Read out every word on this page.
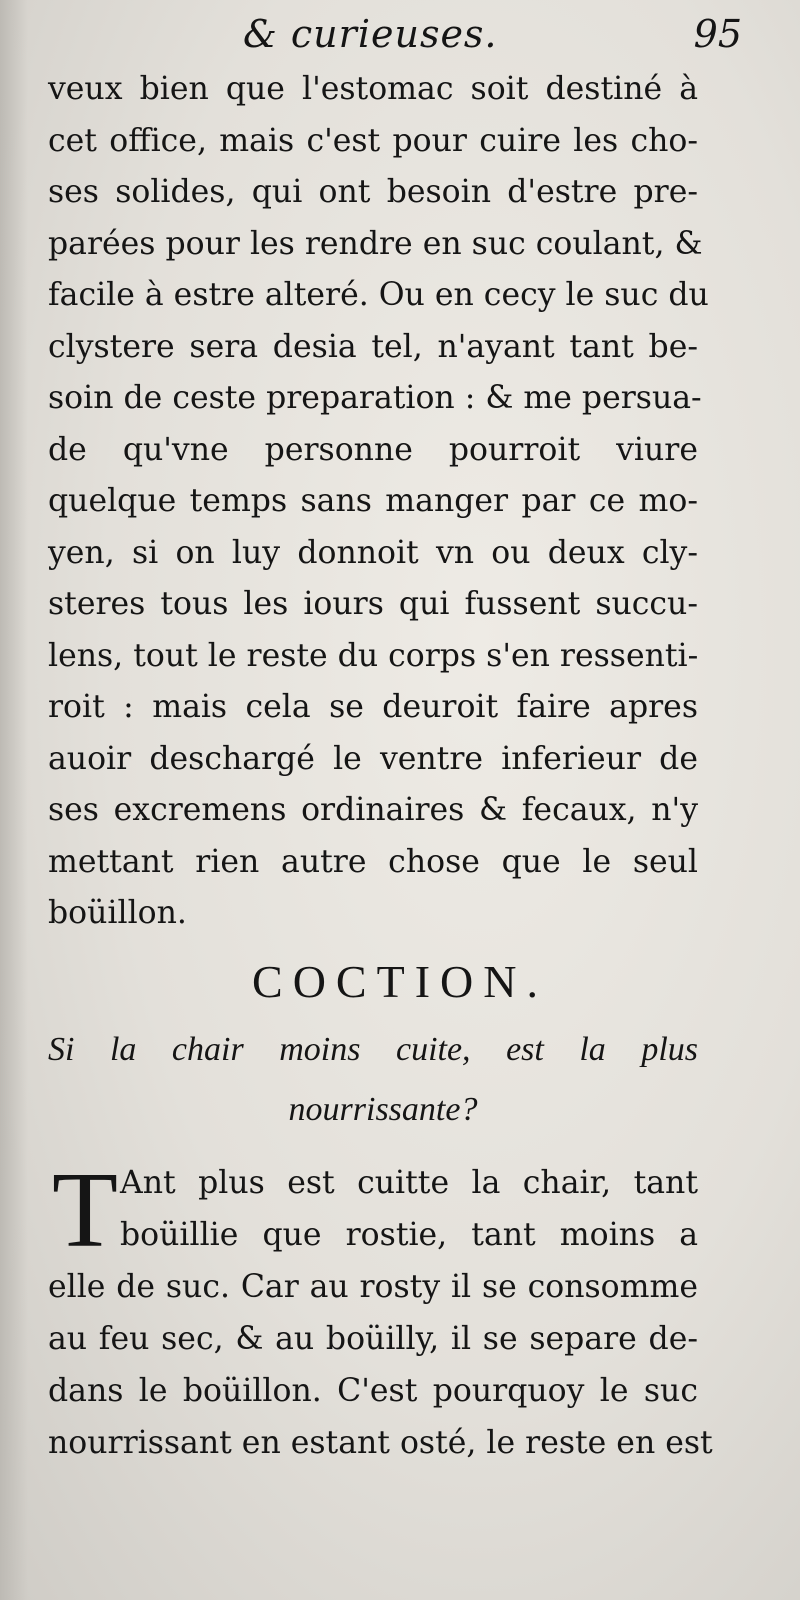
& curieuses.	95
veux bien que l'estomac soit destiné à
cet office, mais c'est pour cuire les cho-
ses solides, qui ont besoin d'estre pre-
parées pour les rendre en suc coulant, &
facile à estre alteré. Ou en cecy le suc du
clystere sera desia tel, n'ayant tant be-
soin de ceste preparation : & me persua-
de qu'vne personne pourroit viure
quelque temps sans manger par ce mo-
yen, si on luy donnoit vn ou deux cly-
steres tous les iours qui fussent succu-
lens, tout le reste du corps s'en ressenti-
roit : mais cela se deuroit faire apres
auoir deschargé le ventre inferieur de
ses excremens ordinaires & fecaux, n'y
mettant rien autre chose que le seul
boüillon.
COCTION.
Si la chair moins cuite, est la plus
nourrissante?
T Ant plus est cuitte la chair, tant
boüillie que rostie, tant moins a
elle de suc. Car au rosty il se consomme
au feu sec, & au boüilly, il se separe de-
dans le boüillon. C'est pourquoy le suc
nourrissant en estant osté, le reste en est
